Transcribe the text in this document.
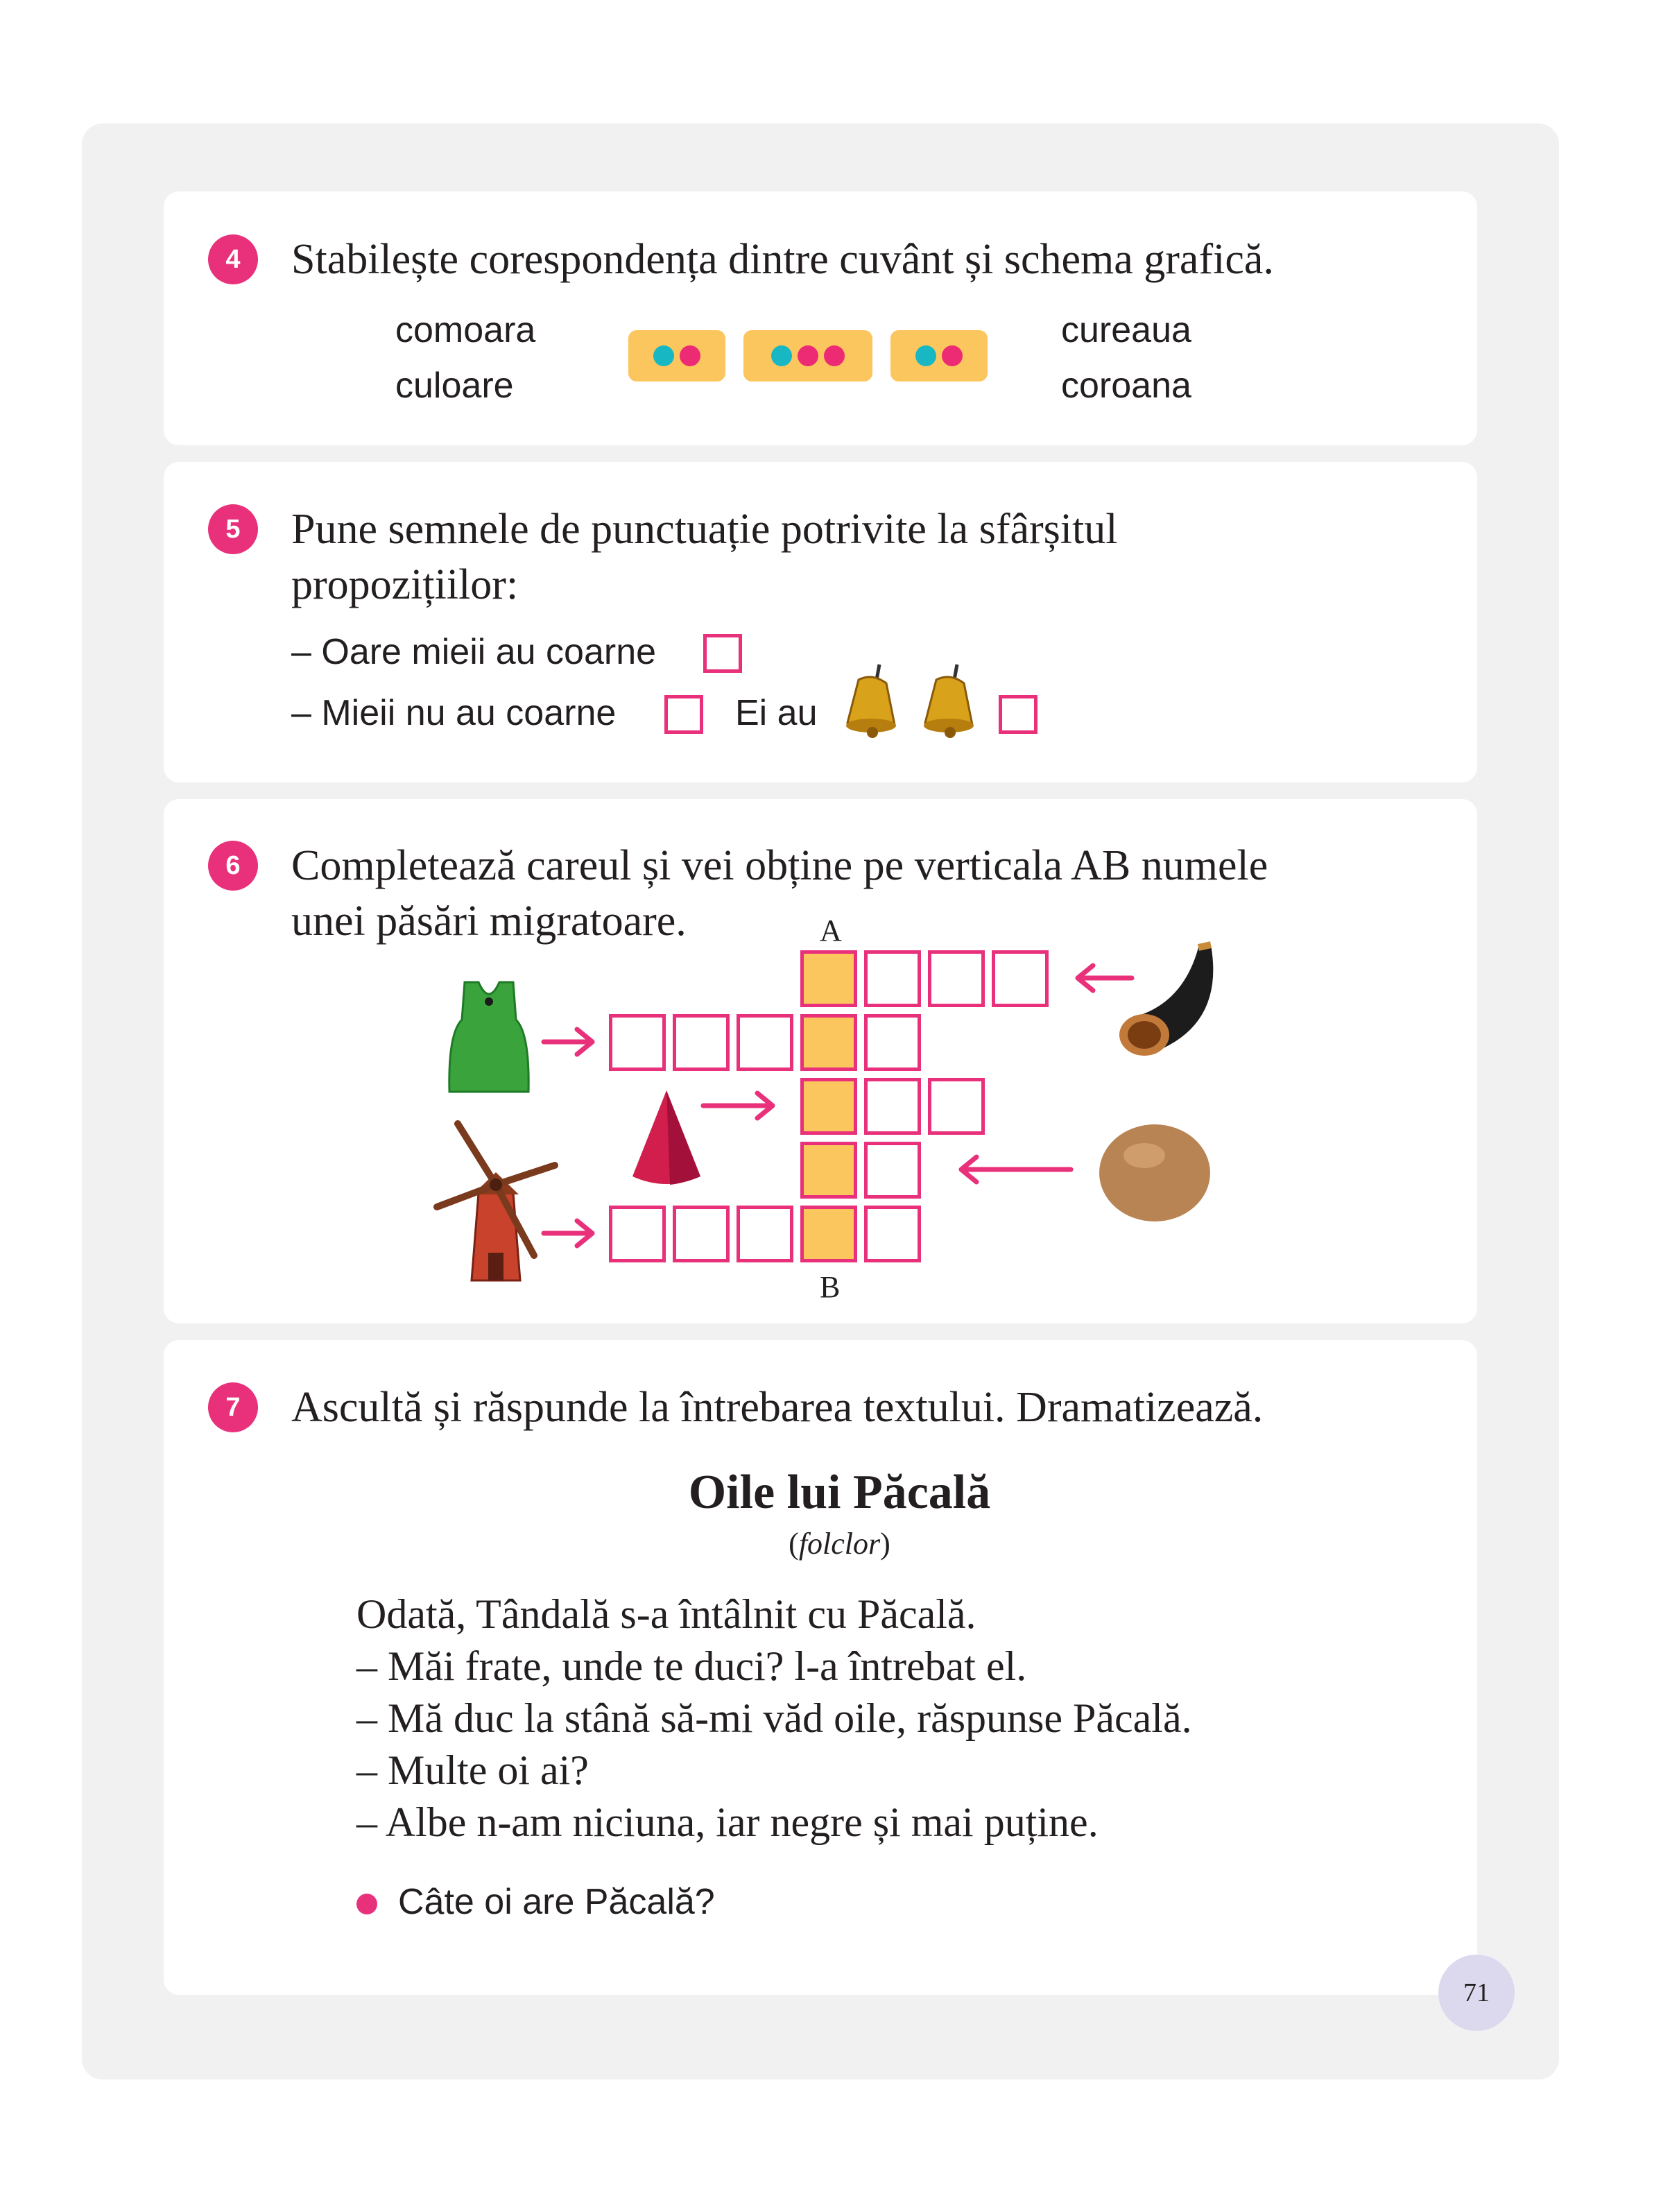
4	Stabilește corespondența dintre cuvânt și schema grafică.
comoara
culoare
cureaua
coroana
5	Pune semnele de punctuație potrivite la sfârșitul
propozițiilor:
– Oare mieii au coarne
– Mieii nu au coarne	Ei au
6	Completează careul și vei obține pe verticala AB numele
unei păsări migratoare.	A
B
7	Ascultă și răspunde la întrebarea textului. Dramatizează.
Oile lui Păcală
(folclor)
Odată, Tândală s-a întâlnit cu Păcală.
– Măi frate, unde te duci? l-a întrebat el.
– Mă duc la stână să-mi văd oile, răspunse Păcală.
– Multe oi ai?
– Albe n-am niciuna, iar negre și mai puține.
Câte oi are Păcală?
71
